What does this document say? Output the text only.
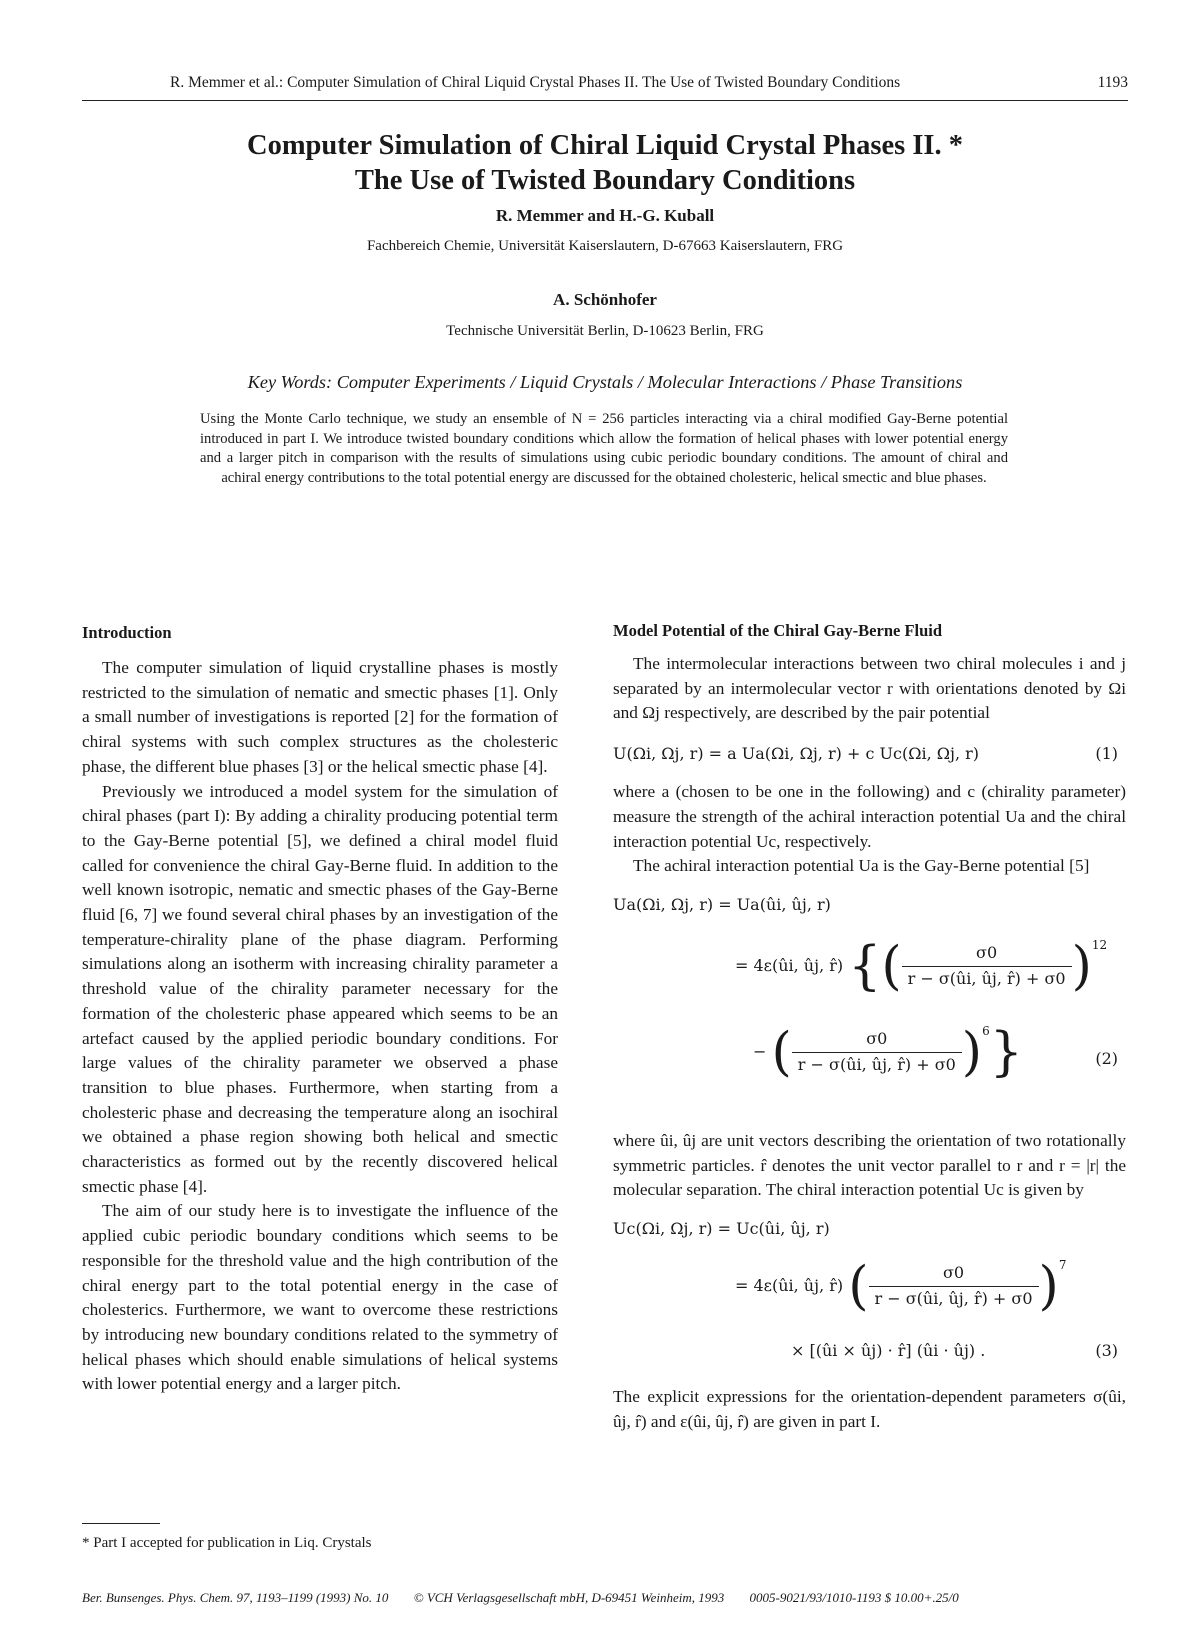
R. Memmer et al.: Computer Simulation of Chiral Liquid Crystal Phases II. The Use of Twisted Boundary Conditions	1193
Computer Simulation of Chiral Liquid Crystal Phases II. *
The Use of Twisted Boundary Conditions
R. Memmer and H.-G. Kuball
Fachbereich Chemie, Universität Kaiserslautern, D-67663 Kaiserslautern, FRG
A. Schönhofer
Technische Universität Berlin, D-10623 Berlin, FRG
Key Words: Computer Experiments / Liquid Crystals / Molecular Interactions / Phase Transitions
Using the Monte Carlo technique, we study an ensemble of N = 256 particles interacting via a chiral modified Gay-Berne potential introduced in part I. We introduce twisted boundary conditions which allow the formation of helical phases with lower potential energy and a larger pitch in comparison with the results of simulations using cubic periodic boundary conditions. The amount of chiral and achiral energy contributions to the total potential energy are discussed for the obtained cholesteric, helical smectic and blue phases.
Introduction

The computer simulation of liquid crystalline phases is mostly restricted to the simulation of nematic and smectic phases [1]. Only a small number of investigations is reported [2] for the formation of chiral systems with such complex structures as the cholesteric phase, the different blue phases [3] or the helical smectic phase [4].

Previously we introduced a model system for the simulation of chiral phases (part I): By adding a chirality producing potential term to the Gay-Berne potential [5], we defined a chiral model fluid called for convenience the chiral Gay-Berne fluid. In addition to the well known isotropic, nematic and smectic phases of the Gay-Berne fluid [6, 7] we found several chiral phases by an investigation of the temperature-chirality plane of the phase diagram. Performing simulations along an isotherm with increasing chirality parameter a threshold value of the chirality parameter necessary for the formation of the cholesteric phase appeared which seems to be an artefact caused by the applied periodic boundary conditions. For large values of the chirality parameter we observed a phase transition to blue phases. Furthermore, when starting from a cholesteric phase and decreasing the temperature along an isochiral we obtained a phase region showing both helical and smectic characteristics as formed out by the recently discovered helical smectic phase [4].

The aim of our study here is to investigate the influence of the applied cubic periodic boundary conditions which seems to be responsible for the threshold value and the high contribution of the chiral energy part to the total potential energy in the case of cholesterics. Furthermore, we want to overcome these restrictions by introducing new boundary conditions related to the symmetry of helical phases which should enable simulations of helical systems with lower potential energy and a larger pitch.

Model Potential of the Chiral Gay-Berne Fluid

The intermolecular interactions between two chiral molecules i and j separated by an intermolecular vector r with orientations denoted by Ωi and Ωj respectively, are described by the pair potential

U(Ωi, Ωj, r) = a Ua(Ωi, Ωj, r) + c Uc(Ωi, Ωj, r)	(1)

where a (chosen to be one in the following) and c (chirality parameter) measure the strength of the achiral interaction potential Ua and the chiral interaction potential Uc, respectively.

The achiral interaction potential Ua is the Gay-Berne potential [5]

Ua(Ωi, Ωj, r) = Ua(ûi, ûj, r)
= 4ε(ûi, ûj, r̂) {( $\frac{\sigma 0}{r - \sigma(ûi, ûj, r̂) + \sigma 0} )^{12}$
− ( $\frac{\sigma 0}{r - \sigma(ûi, ûj, r̂) + \sigma 0} )^6$}	(2)

where ûi, ûj are unit vectors describing the orientation of two rotationally symmetric particles. r̂ denotes the unit vector parallel to r and r = |r| the molecular separation. The chiral interaction potential Uc is given by

Uc(Ωi, Ωj, r) = Uc(ûi, ûj, r)
= 4ε(ûi, ûj, r̂) ( $\frac{\sigma 0}{r - \sigma(ûi, ûj, r̂) + \sigma 0} )^7$
× [(ûi × ûj) · r̂] (ûi · ûj) .	(3)

The explicit expressions for the orientation-dependent parameters σ(ûi, ûj, r̂) and ε(ûi, ûj, r̂) are given in part I.

* Part I accepted for publication in Liq. Crystals
Ber. Bunsenges. Phys. Chem. 97, 1193–1199 (1993) No. 10 © VCH Verlagsgesellschaft mbH, D-69451 Weinheim, 1993 0005-9021/93/1010-1193 $ 10.00+.25/0
